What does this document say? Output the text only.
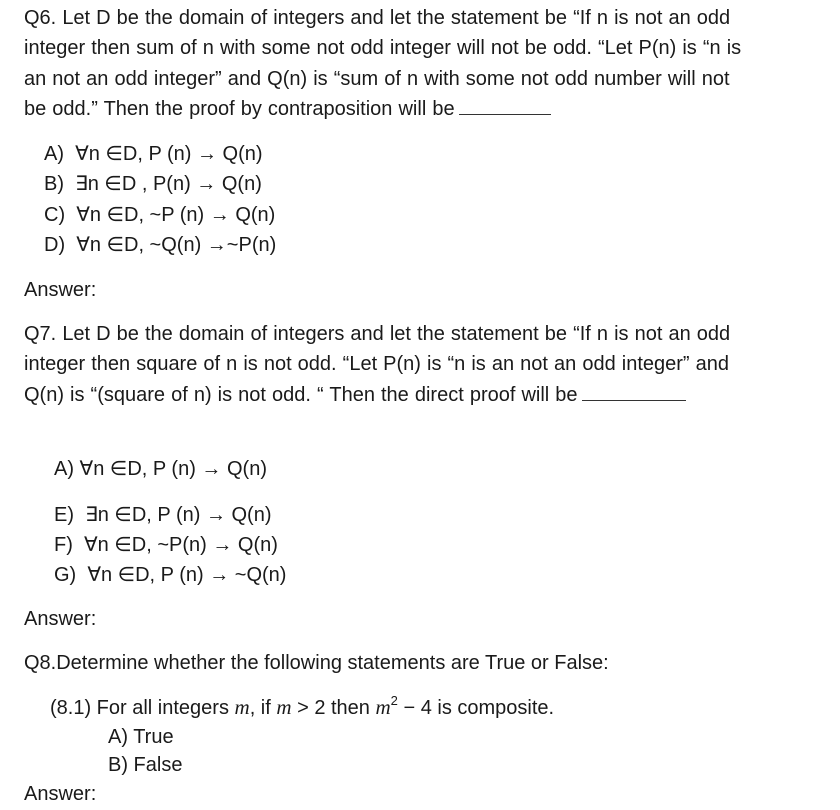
Q6. Let D be the domain of integers and let the statement be “If n is not an odd
integer then sum of n with some not odd integer will not be odd. “Let P(n) is “n is
an not an odd integer” and Q(n) is “sum of n with some not odd number will not
be odd.” Then the proof by contraposition will be
A)  ∀n ∈D, P (n) → Q(n)
B)  ∃n ∈D , P(n) → Q(n)
C)  ∀n ∈D, ~P (n) → Q(n)
D)  ∀n ∈D, ~Q(n) →~P(n)
Answer:
Q7. Let D be the domain of integers and let the statement be “If n is not an odd
integer then square of n is not odd. “Let P(n) is “n is an not an odd integer” and
Q(n) is “(square of n) is not odd. “ Then the direct proof will be
A) ∀n ∈D, P (n) → Q(n)
E)  ∃n ∈D, P (n) → Q(n)
F)  ∀n ∈D, ~P(n) → Q(n)
G)  ∀n ∈D, P (n) → ~Q(n)
Answer:
Q8.Determine whether the following statements are True or False:
(8.1) For all integers m, if m > 2 then $m^2 - 4$ is composite.
A) True
B) False
Answer:
